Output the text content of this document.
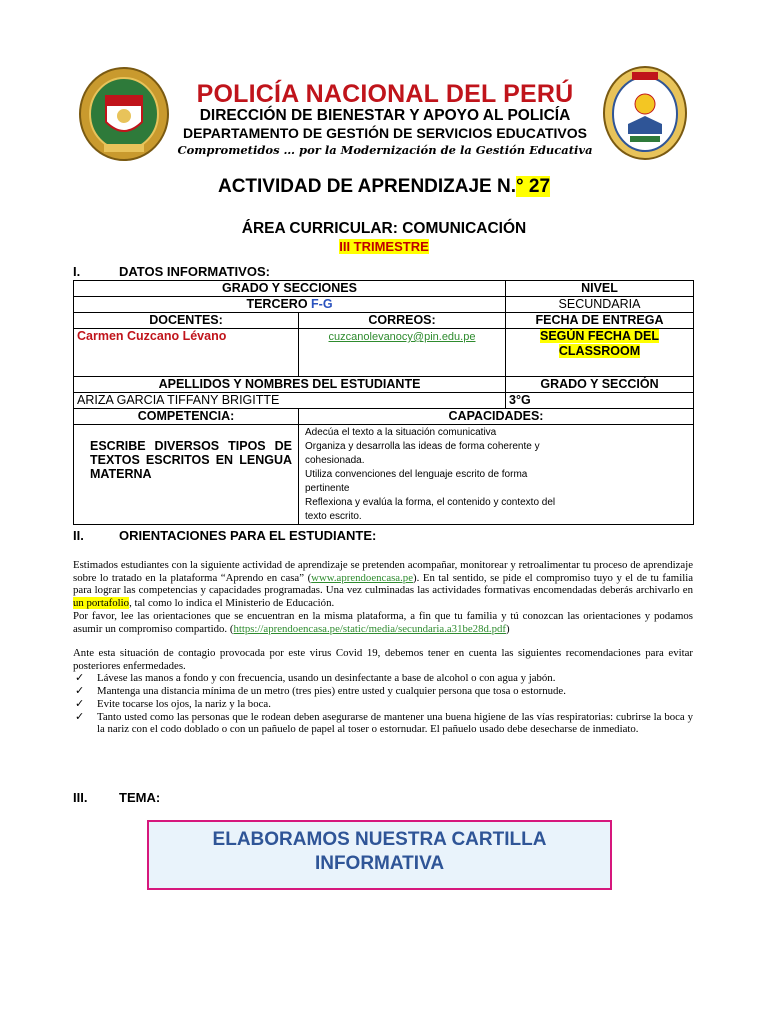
POLICÍA NACIONAL DEL PERÚ
DIRECCIÓN DE BIENESTAR Y APOYO AL POLICÍA
DEPARTAMENTO DE GESTIÓN DE SERVICIOS EDUCATIVOS
Comprometidos … por la Modernización de la Gestión Educativa
ACTIVIDAD DE APRENDIZAJE N.° 27
ÁREA CURRICULAR: COMUNICACIÓN
III TRIMESTRE
I.	DATOS INFORMATIVOS:
GRADO Y SECCIONES		NIVEL
TERCERO F-G		SECUNDARIA
DOCENTES:	CORREOS:	FECHA DE ENTREGA
Carmen Cuzcano Lévano	cuzcanolevanocy@pin.edu.pe	SEGÚN FECHA DEL CLASSROOM
APELLIDOS Y NOMBRES DEL ESTUDIANTE		GRADO Y SECCIÓN
ARIZA GARCIA TIFFANY BRIGITTE		3°G
COMPETENCIA:	CAPACIDADES:	
ESCRIBE DIVERSOS TIPOS DE TEXTOS ESCRITOS EN LENGUA MATERNA	Adecúa el texto a la situación comunicativa
Organiza y desarrolla las ideas de forma coherente y cohesionada.
Utiliza convenciones del lenguaje escrito de forma pertinente
Reflexiona y evalúa la forma, el contenido y contexto del texto escrito.	
II.	ORIENTACIONES PARA EL ESTUDIANTE:
Estimados estudiantes con la siguiente actividad de aprendizaje se pretenden acompañar, monitorear y retroalimentar tu proceso de aprendizaje sobre lo tratado en la plataforma “Aprendo en casa” (www.aprendoencasa.pe). En tal sentido, se pide el compromiso tuyo y el de tu familia para lograr las competencias y capacidades programadas. Una vez culminadas las actividades formativas encomendadas deberás archivarlo en un portafolio, tal como lo indica el Ministerio de Educación.
Por favor, lee las orientaciones que se encuentran en la misma plataforma, a fin que tu familia y tú conozcan las orientaciones y podamos asumir un compromiso compartido. (https://aprendoencasa.pe/static/media/secundaria.a31be28d.pdf)
Ante esta situación de contagio provocada por este virus Covid 19, debemos tener en cuenta las siguientes recomendaciones para evitar posteriores enfermedades.
✓ Lávese las manos a fondo y con frecuencia, usando un desinfectante a base de alcohol o con agua y jabón.
✓ Mantenga una distancia mínima de un metro (tres pies) entre usted y cualquier persona que tosa o estornude.
✓ Evite tocarse los ojos, la nariz y la boca.
✓ Tanto usted como las personas que le rodean deben asegurarse de mantener una buena higiene de las vías respiratorias: cubrirse la boca y la nariz con el codo doblado o con un pañuelo de papel al toser o estornudar. El pañuelo usado debe desecharse de inmediato.
III. TEMA:
ELABORAMOS NUESTRA CARTILLA
INFORMATIVA
